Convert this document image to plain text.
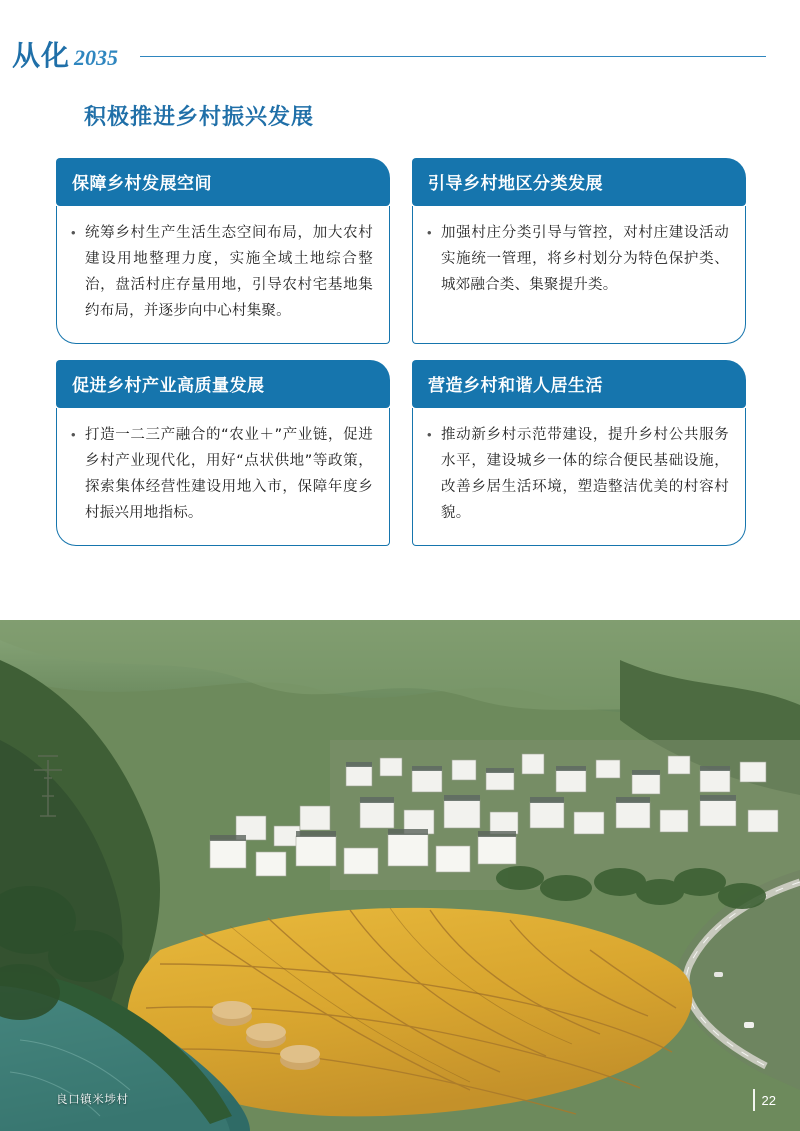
从化 2035
积极推进乡村振兴发展
保障乡村发展空间
• 统筹乡村生产生活生态空间布局，加大农村建设用地整理力度，实施全域土地综合整治，盘活村庄存量用地，引导农村宅基地集约布局，并逐步向中心村集聚。
引导乡村地区分类发展
• 加强村庄分类引导与管控，对村庄建设活动实施统一管理，将乡村划分为特色保护类、城郊融合类、集聚提升类。
促进乡村产业高质量发展
• 打造一二三产融合的“农业＋”产业链，促进乡村产业现代化，用好“点状供地”等政策，探索集体经营性建设用地入市，保障年度乡村振兴用地指标。
营造乡村和谐人居生活
• 推动新乡村示范带建设，提升乡村公共服务水平，建设城乡一体的综合便民基础设施，改善乡居生活环境，塑造整洁优美的村容村貌。
良口镇米埗村	22
